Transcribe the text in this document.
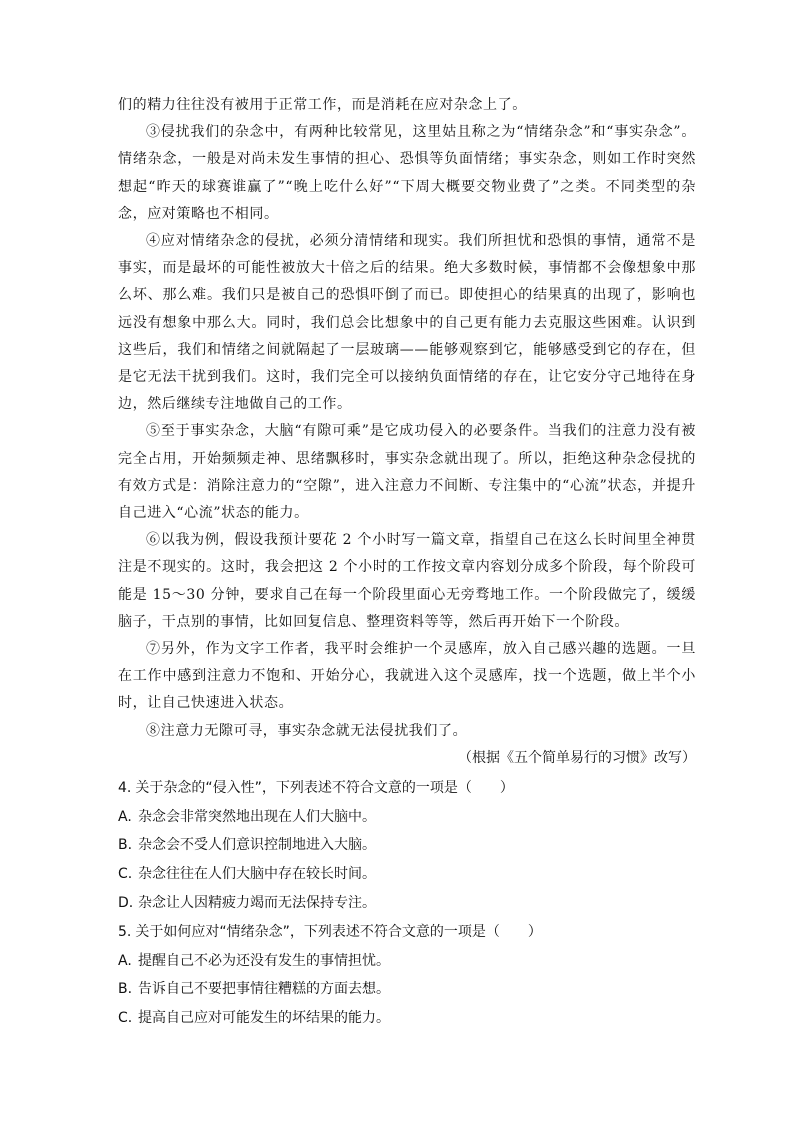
们的精力往往没有被用于正常工作，而是消耗在应对杂念上了。

③侵扰我们的杂念中，有两种比较常见，这里姑且称之为“情绪杂念”和“事实杂念”。情绪杂念，一般是对尚未发生事情的担心、恐惧等负面情绪；事实杂念，则如工作时突然想起“昨天的球赛谁赢了”“晚上吃什么好”“下周大概要交物业费了”之类。不同类型的杂念，应对策略也不相同。

④应对情绪杂念的侵扰，必须分清情绪和现实。我们所担忧和恐惧的事情，通常不是事实，而是最坏的可能性被放大十倍之后的结果。绝大多数时候，事情都不会像想象中那么坏、那么难。我们只是被自己的恐惧吓倒了而已。即使担心的结果真的出现了，影响也远没有想象中那么大。同时，我们总会比想象中的自己更有能力去克服这些困难。认识到这些后，我们和情绪之间就隔起了一层玻璃——能够观察到它，能够感受到它的存在，但是它无法干扰到我们。这时，我们完全可以接纳负面情绪的存在，让它安分守己地待在身边，然后继续专注地做自己的工作。

⑤至于事实杂念，大脑“有隙可乘”是它成功侵入的必要条件。当我们的注意力没有被完全占用，开始频频走神、思绪飘移时，事实杂念就出现了。所以，拒绝这种杂念侵扰的有效方式是：消除注意力的“空隙”，进入注意力不间断、专注集中的“心流”状态，并提升自己进入“心流”状态的能力。

⑥以我为例，假设我预计要花 2 个小时写一篇文章，指望自己在这么长时间里全神贯注是不现实的。这时，我会把这 2 个小时的工作按文章内容划分成多个阶段，每个阶段可能是 15～30 分钟，要求自己在每一个阶段里面心无旁骛地工作。一个阶段做完了，缓缓脑子，干点别的事情，比如回复信息、整理资料等等，然后再开始下一个阶段。

⑦另外，作为文字工作者，我平时会维护一个灵感库，放入自己感兴趣的选题。一旦在工作中感到注意力不饱和、开始分心，我就进入这个灵感库，找一个选题，做上半个小时，让自己快速进入状态。

⑧注意力无隙可寻，事实杂念就无法侵扰我们了。

（根据《五个简单易行的习惯》改写）

4. 关于杂念的“侵入性”，下列表述不符合文意的一项是（　　）

A. 杂念会非常突然地出现在人们大脑中。

B. 杂念会不受人们意识控制地进入大脑。

C. 杂念往往在人们大脑中存在较长时间。

D. 杂念让人因精疲力竭而无法保持专注。

5. 关于如何应对“情绪杂念”，下列表述不符合文意的一项是（　　）

A. 提醒自己不必为还没有发生的事情担忧。

B. 告诉自己不要把事情往糟糕的方面去想。

C. 提高自己应对可能发生的坏结果的能力。
